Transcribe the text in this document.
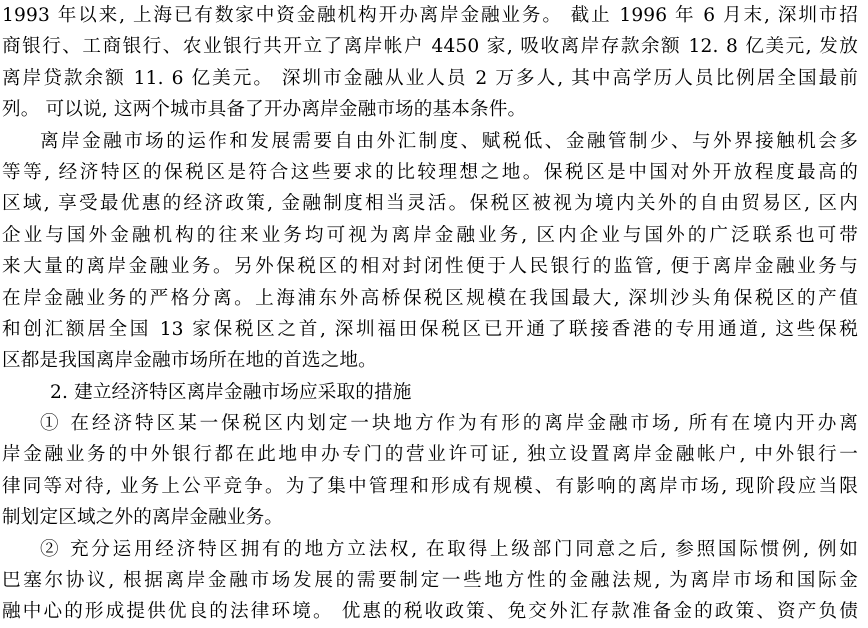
1993 年以来, 上海已有数家中资金融机构开办离岸金融业务。 截止 1996 年 6 月末, 深圳市招
商银行、工商银行、农业银行共开立了离岸帐户 4450 家, 吸收离岸存款余额 12. 8 亿美元, 发放
离岸贷款余额 11. 6 亿美元。 深圳市金融从业人员 2 万多人, 其中高学历人员比例居全国最前
列。 可以说, 这两个城市具备了开办离岸金融市场的基本条件。
离岸金融市场的运作和发展需要自由外汇制度、赋税低、金融管制少、与外界接触机会多
等等, 经济特区的保税区是符合这些要求的比较理想之地。保税区是中国对外开放程度最高的
区域, 享受最优惠的经济政策, 金融制度相当灵活。保税区被视为境内关外的自由贸易区, 区内
企业与国外金融机构的往来业务均可视为离岸金融业务, 区内企业与国外的广泛联系也可带
来大量的离岸金融业务。另外保税区的相对封闭性便于人民银行的监管, 便于离岸金融业务与
在岸金融业务的严格分离。上海浦东外高桥保税区规模在我国最大, 深圳沙头角保税区的产值
和创汇额居全国 13 家保税区之首, 深圳福田保税区已开通了联接香港的专用通道, 这些保税
区都是我国离岸金融市场所在地的首选之地。
2. 建立经济特区离岸金融市场应采取的措施
① 在经济特区某一保税区内划定一块地方作为有形的离岸金融市场, 所有在境内开办离
岸金融业务的中外银行都在此地申办专门的营业许可证, 独立设置离岸金融帐户, 中外银行一
律同等对待, 业务上公平竞争。为了集中管理和形成有规模、有影响的离岸市场, 现阶段应当限
制划定区域之外的离岸金融业务。
② 充分运用经济特区拥有的地方立法权, 在取得上级部门同意之后, 参照国际惯例, 例如
巴塞尔协议, 根据离岸金融市场发展的需要制定一些地方性的金融法规, 为离岸市场和国际金
融中心的形成提供优良的法律环境。 优惠的税收政策、免交外汇存款准备金的政策、资产负债
